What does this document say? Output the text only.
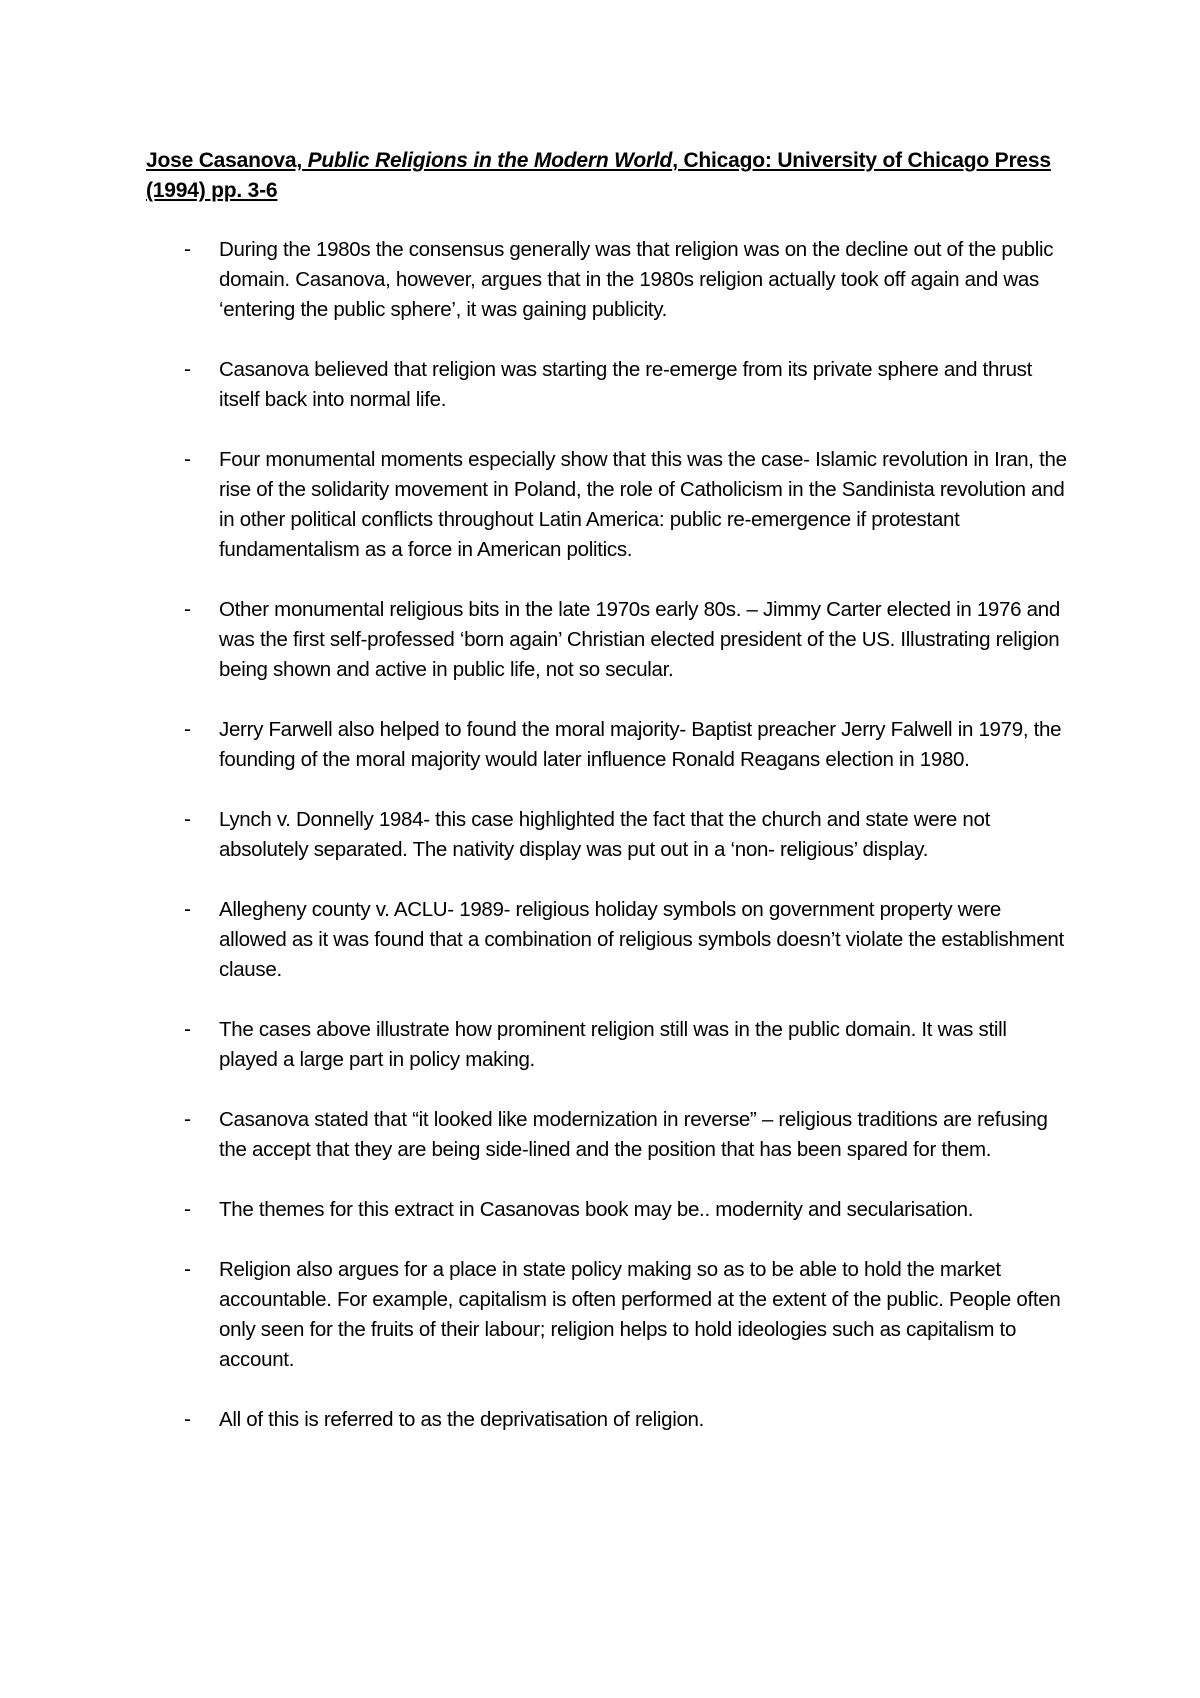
Jose Casanova, Public Religions in the Modern World, Chicago: University of Chicago Press (1994) pp. 3-6
- During the 1980s the consensus generally was that religion was on the decline out of the public domain. Casanova, however, argues that in the 1980s religion actually took off again and was ‘entering the public sphere’, it was gaining publicity.
- Casanova believed that religion was starting the re-emerge from its private sphere and thrust itself back into normal life.
- Four monumental moments especially show that this was the case- Islamic revolution in Iran, the rise of the solidarity movement in Poland, the role of Catholicism in the Sandinista revolution and in other political conflicts throughout Latin America: public re-emergence if protestant fundamentalism as a force in American politics.
- Other monumental religious bits in the late 1970s early 80s. – Jimmy Carter elected in 1976 and was the first self-professed ‘born again’ Christian elected president of the US. Illustrating religion being shown and active in public life, not so secular.
- Jerry Farwell also helped to found the moral majority- Baptist preacher Jerry Falwell in 1979, the founding of the moral majority would later influence Ronald Reagans election in 1980.
- Lynch v. Donnelly 1984- this case highlighted the fact that the church and state were not absolutely separated. The nativity display was put out in a ‘non- religious’ display.
- Allegheny county v. ACLU- 1989- religious holiday symbols on government property were allowed as it was found that a combination of religious symbols doesn’t violate the establishment clause.
- The cases above illustrate how prominent religion still was in the public domain. It was still played a large part in policy making.
- Casanova stated that “it looked like modernization in reverse” – religious traditions are refusing the accept that they are being side-lined and the position that has been spared for them.
- The themes for this extract in Casanovas book may be.. modernity and secularisation.
- Religion also argues for a place in state policy making so as to be able to hold the market accountable. For example, capitalism is often performed at the extent of the public. People often only seen for the fruits of their labour; religion helps to hold ideologies such as capitalism to account.
- All of this is referred to as the deprivatisation of religion.
